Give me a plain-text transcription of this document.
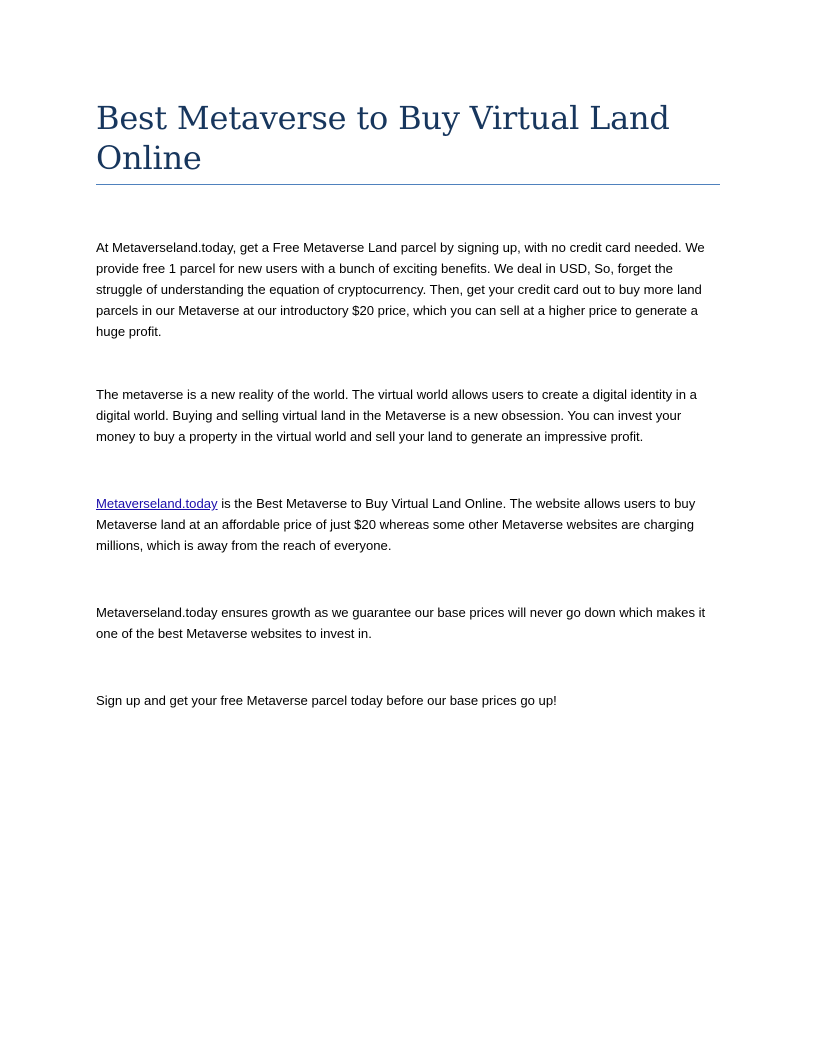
Best Metaverse to Buy Virtual Land Online

At Metaverseland.today, get a Free Metaverse Land parcel by signing up, with no credit card needed. We provide free 1 parcel for new users with a bunch of exciting benefits. We deal in USD, So, forget the struggle of understanding the equation of cryptocurrency. Then, get your credit card out to buy more land parcels in our Metaverse at our introductory $20 price, which you can sell at a higher price to generate a huge profit.

The metaverse is a new reality of the world. The virtual world allows users to create a digital identity in a digital world. Buying and selling virtual land in the Metaverse is a new obsession. You can invest your money to buy a property in the virtual world and sell your land to generate an impressive profit.

Metaverseland.today is the Best Metaverse to Buy Virtual Land Online. The website allows users to buy Metaverse land at an affordable price of just $20 whereas some other Metaverse websites are charging millions, which is away from the reach of everyone.

Metaverseland.today ensures growth as we guarantee our base prices will never go down which makes it one of the best Metaverse websites to invest in.

Sign up and get your free Metaverse parcel today before our base prices go up!
